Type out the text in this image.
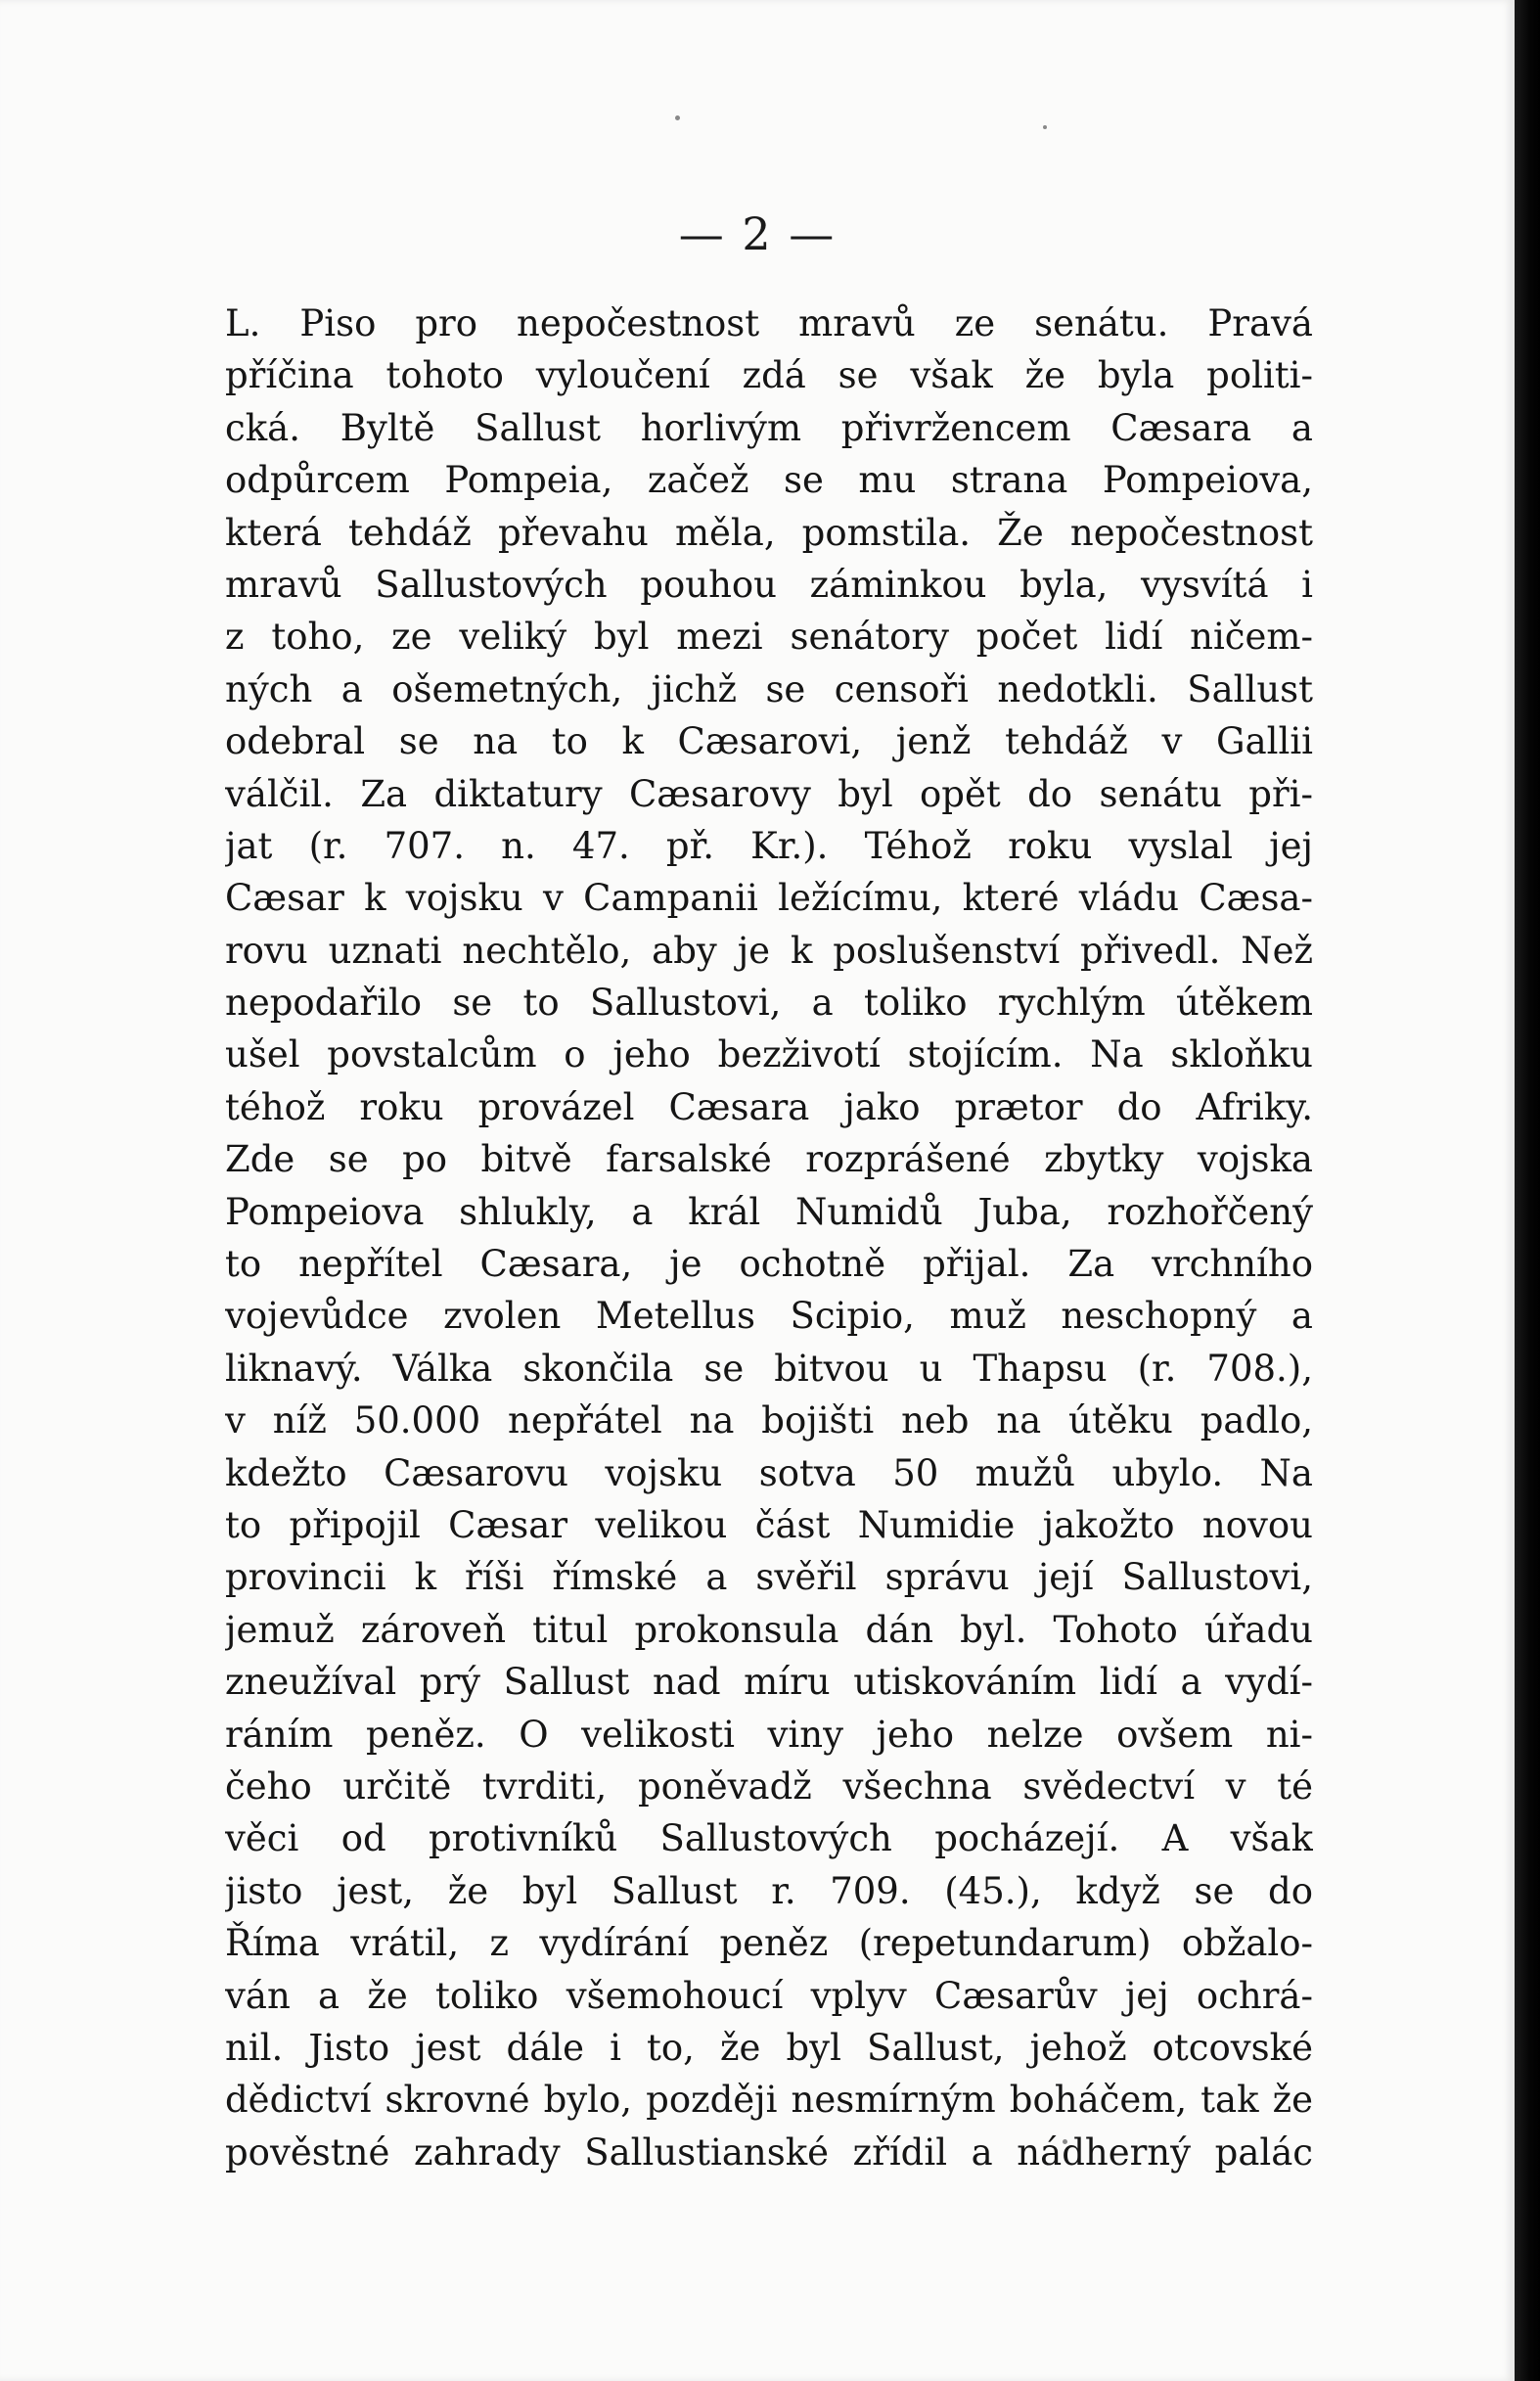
— 2 —
L. Piso pro nepočestnost mravů ze senátu. Pravá
příčina tohoto vyloučení zdá se však že byla politi-
cká. Byltě Sallust horlivým přivržencem Cæsara a
odpůrcem Pompeia, začež se mu strana Pompeiova,
která tehdáž převahu měla, pomstila. Že nepočestnost
mravů Sallustových pouhou záminkou byla, vysvítá i
z toho, ze veliký byl mezi senátory počet lidí ničem-
ných a ošemetných, jichž se censoři nedotkli. Sallust
odebral se na to k Cæsarovi, jenž tehdáž v Gallii
válčil. Za diktatury Cæsarovy byl opět do senátu při-
jat (r. 707. n. 47. př. Kr.). Téhož roku vyslal jej
Cæsar k vojsku v Campanii ležícímu, které vládu Cæsa-
rovu uznati nechtělo, aby je k poslušenství přivedl. Než
nepodařilo se to Sallustovi, a toliko rychlým útěkem
ušel povstalcům o jeho bezživotí stojícím. Na skloňku
téhož roku provázel Cæsara jako prætor do Afriky.
Zde se po bitvě farsalské rozprášené zbytky vojska
Pompeiova shlukly, a král Numidů Juba, rozhořčený
to nepřítel Cæsara, je ochotně přijal. Za vrchního
vojevůdce zvolen Metellus Scipio, muž neschopný a
liknavý. Válka skončila se bitvou u Thapsu (r. 708.),
v níž 50.000 nepřátel na bojišti neb na útěku padlo,
kdežto Cæsarovu vojsku sotva 50 mužů ubylo. Na
to připojil Cæsar velikou část Numidie jakožto novou
provincii k říši římské a svěřil správu její Sallustovi,
jemuž zároveň titul prokonsula dán byl. Tohoto úřadu
zneužíval prý Sallust nad míru utiskováním lidí a vydí-
ráním peněz. O velikosti viny jeho nelze ovšem ni-
čeho určitě tvrditi, poněvadž všechna svědectví v té
věci od protivníků Sallustových pocházejí. A však
jisto jest, že byl Sallust r. 709. (45.), když se do
Říma vrátil, z vydírání peněz (repetundarum) obžalo-
ván a že toliko všemohoucí vplyv Cæsarův jej ochrá-
nil. Jisto jest dále i to, že byl Sallust, jehož otcovské
dědictví skrovné bylo, později nesmírným boháčem, tak že
pověstné zahrady Sallustianské zřídil a nádherný palác
